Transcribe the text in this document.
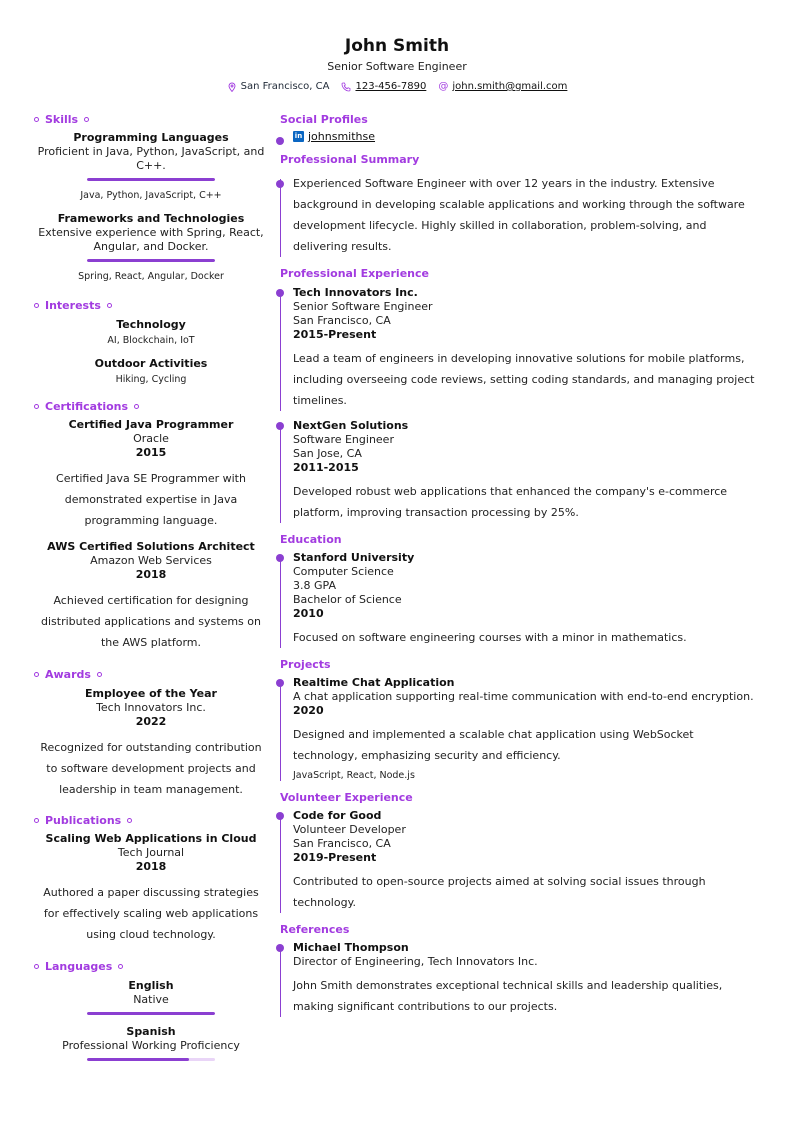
John Smith
Senior Software Engineer
San Francisco, CA	123-456-7890 @ john.smith@gmail.com
Skills
Programming Languages
Proficient in Java, Python, JavaScript, and C++.
Java, Python, JavaScript, C++
Frameworks and Technologies
Extensive experience with Spring, React, Angular, and Docker.
Spring, React, Angular, Docker
Interests
Technology
AI, Blockchain, IoT
Outdoor Activities
Hiking, Cycling
Certifications
Certified Java Programmer
Oracle
2015
Certified Java SE Programmer with demonstrated expertise in Java programming language.
AWS Certified Solutions Architect
Amazon Web Services
2018
Achieved certification for designing distributed applications and systems on the AWS platform.
Awards
Employee of the Year
Tech Innovators Inc.
2022
Recognized for outstanding contribution to software development projects and leadership in team management.
Publications
Scaling Web Applications in Cloud
Tech Journal
2018
Authored a paper discussing strategies for effectively scaling web applications using cloud technology.
Languages
English
Native
Spanish
Professional Working Proficiency
Social Profiles
in johnsmithse
Professional Summary
Experienced Software Engineer with over 12 years in the industry. Extensive background in developing scalable applications and working through the software development lifecycle. Highly skilled in collaboration, problem-solving, and delivering results.
Professional Experience
Tech Innovators Inc.
Senior Software Engineer
San Francisco, CA
2015-Present
Lead a team of engineers in developing innovative solutions for mobile platforms, including overseeing code reviews, setting coding standards, and managing project timelines.
NextGen Solutions
Software Engineer
San Jose, CA
2011-2015
Developed robust web applications that enhanced the company's e-commerce platform, improving transaction processing by 25%.
Education
Stanford University
Computer Science
3.8 GPA
Bachelor of Science
2010
Focused on software engineering courses with a minor in mathematics.
Projects
Realtime Chat Application
A chat application supporting real-time communication with end-to-end encryption.
2020
Designed and implemented a scalable chat application using WebSocket technology, emphasizing security and efficiency.
JavaScript, React, Node.js
Volunteer Experience
Code for Good
Volunteer Developer
San Francisco, CA
2019-Present
Contributed to open-source projects aimed at solving social issues through technology.
References
Michael Thompson
Director of Engineering, Tech Innovators Inc.
John Smith demonstrates exceptional technical skills and leadership qualities, making significant contributions to our projects.
